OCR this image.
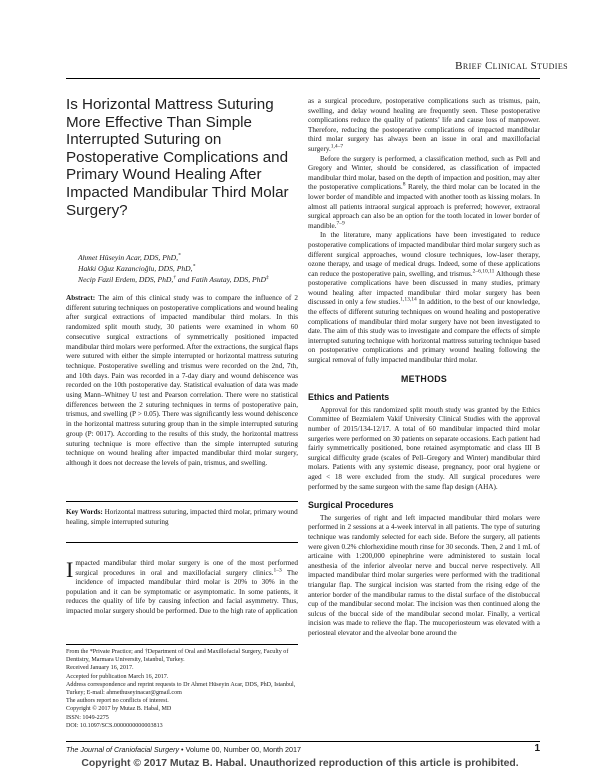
Brief Clinical Studies
Is Horizontal Mattress Suturing More Effective Than Simple Interrupted Suturing on Postoperative Complications and Primary Wound Healing After Impacted Mandibular Third Molar Surgery?
Ahmet Hüseyin Acar, DDS, PhD,*
Hakki Oğuz Kazancioğlu, DDS, PhD,*
Necip Fazil Erdem, DDS, PhD,† and Fatih Asutay, DDS, PhD‡
Abstract: The aim of this clinical study was to compare the influence of 2 different suturing techniques on postoperative complications and wound healing after surgical extractions of impacted mandibular third molars. In this randomized split mouth study, 30 patients were examined in whom 60 consecutive surgical extractions of symmetrically positioned impacted mandibular third molars were performed. After the extractions, the surgical flaps were sutured with either the simple interrupted or horizontal mattress suturing technique. Postoperative swelling and trismus were recorded on the 2nd, 7th, and 10th days. Pain was recorded in a 7-day diary and wound dehiscence was recorded on the 10th postoperative day. Statistical evaluation of data was made using Mann–Whitney U test and Pearson correlation. There were no statistical differences between the 2 suturing techniques in terms of postoperative pain, trismus, and swelling (P > 0.05). There was significantly less wound dehiscence in the horizontal mattress suturing group than in the simple interrupted suturing group (P: 0017). According to the results of this study, the horizontal mattress suturing technique is more effective than the simple interrupted suturing technique on wound healing after impacted mandibular third molar surgery, although it does not decrease the levels of pain, trismus, and swelling.
Key Words: Horizontal mattress suturing, impacted third molar, primary wound healing, simple interrupted suturing
Impacted mandibular third molar surgery is one of the most performed surgical procedures in oral and maxillofacial surgery clinics.$^{1-3}$ The incidence of impacted mandibular third molar is 20% to 30% in the population and it can be symptomatic or asymptomatic. In some patients, it reduces the quality of life by causing infection and facial asymmetry. Thus, impacted molar surgery should be performed. Due to the high rate of application
From the *Private Practice; and †Department of Oral and Maxillofacial Surgery, Faculty of Dentistry, Marmara University, Istanbul, Turkey.
Received January 16, 2017.
Accepted for publication March 16, 2017.
Address correspondence and reprint requests to Dr Ahmet Hüseyin Acar, DDS, PhD, Istanbul, Turkey; E-mail: ahmethuseyinacar@gmail.com
The authors report no conflicts of interest.
Copyright © 2017 by Mutaz B. Habal, MD
ISSN: 1049-2275
DOI: 10.1097/SCS.0000000000003813

as a surgical procedure, postoperative complications such as trismus, pain, swelling, and delay wound healing are frequently seen. These postoperative complications reduce the quality of patients’ life and cause loss of manpower. Therefore, reducing the postoperative complications of impacted mandibular third molar surgery has always been an issue in oral and maxillofacial surgery.$^{1,4-7}$

Before the surgery is performed, a classification method, such as Pell and Gregory and Winter, should be considered, as classification of impacted mandibular third molar, based on the depth of impaction and position, may alter the postoperative complications.$^8$ Rarely, the third molar can be located in the lower border of mandible and impacted with another tooth as kissing molars. In almost all patients intraoral surgical approach is preferred; however, extraoral surgical approach can also be an option for the tooth located in lower border of mandible.$^{7-9}$

In the literature, many applications have been investigated to reduce postoperative complications of impacted mandibular third molar surgery such as different surgical approaches, wound closure techniques, low-laser therapy, ozone therapy, and usage of medical drugs. Indeed, some of these applications can reduce the postoperative pain, swelling, and trismus.$^{2-6,10,11}$ Although these postoperative complications have been discussed in many studies, primary wound healing after impacted mandibular third molar surgery has been discussed in only a few studies.$^{1,13,14}$ In addition, to the best of our knowledge, the effects of different suturing techniques on wound healing and postoperative complications of mandibular third molar surgery have not been investigated to date. The aim of this study was to investigate and compare the effects of simple interrupted suturing technique with horizontal mattress suturing technique based on postoperative complications and primary wound healing following the surgical removal of fully impacted mandibular third molar.

METHODS
Ethics and Patients

Approval for this randomized split mouth study was granted by the Ethics Committee of Bezmialem Vakif University Clinical Studies with the approval number of 2015/134-12/17. A total of 60 mandibular impacted third molar surgeries were performed on 30 patients on separate occasions. Each patient had fairly symmetrically positioned, bone retained asymptomatic and class III B surgical difficulty grade (scales of Pell–Gregory and Winter) mandibular third molars. Patients with any systemic disease, pregnancy, poor oral hygiene or aged < 18 were excluded from the study. All surgical procedures were performed by the same surgeon with the same flap design (AHA).

Surgical Procedures

The surgeries of right and left impacted mandibular third molars were performed in 2 sessions at a 4-week interval in all patients. The type of suturing technique was randomly selected for each side. Before the surgery, all patients were given 0.2% chlorhexidine mouth rinse for 30 seconds. Then, 2 and 1 mL of articaine with 1:200,000 epinephrine were administered to sustain local anesthesia of the inferior alveolar nerve and buccal nerve respectively. All impacted mandibular third molar surgeries were performed with the traditional triangular flap. The surgical incision was started from the rising edge of the anterior border of the mandibular ramus to the distal surface of the distobuccal cup of the mandibular second molar. The incision was then continued along the sulcus of the buccal side of the mandibular second molar. Finally, a vertical incision was made to relieve the flap. The mucoperiosteum was elevated with a periosteal elevator and the alveolar bone around the

The Journal of Craniofacial Surgery • Volume 00, Number 00, Month 2017	1
Copyright © 2017 Mutaz B. Habal. Unauthorized reproduction of this article is prohibited.
